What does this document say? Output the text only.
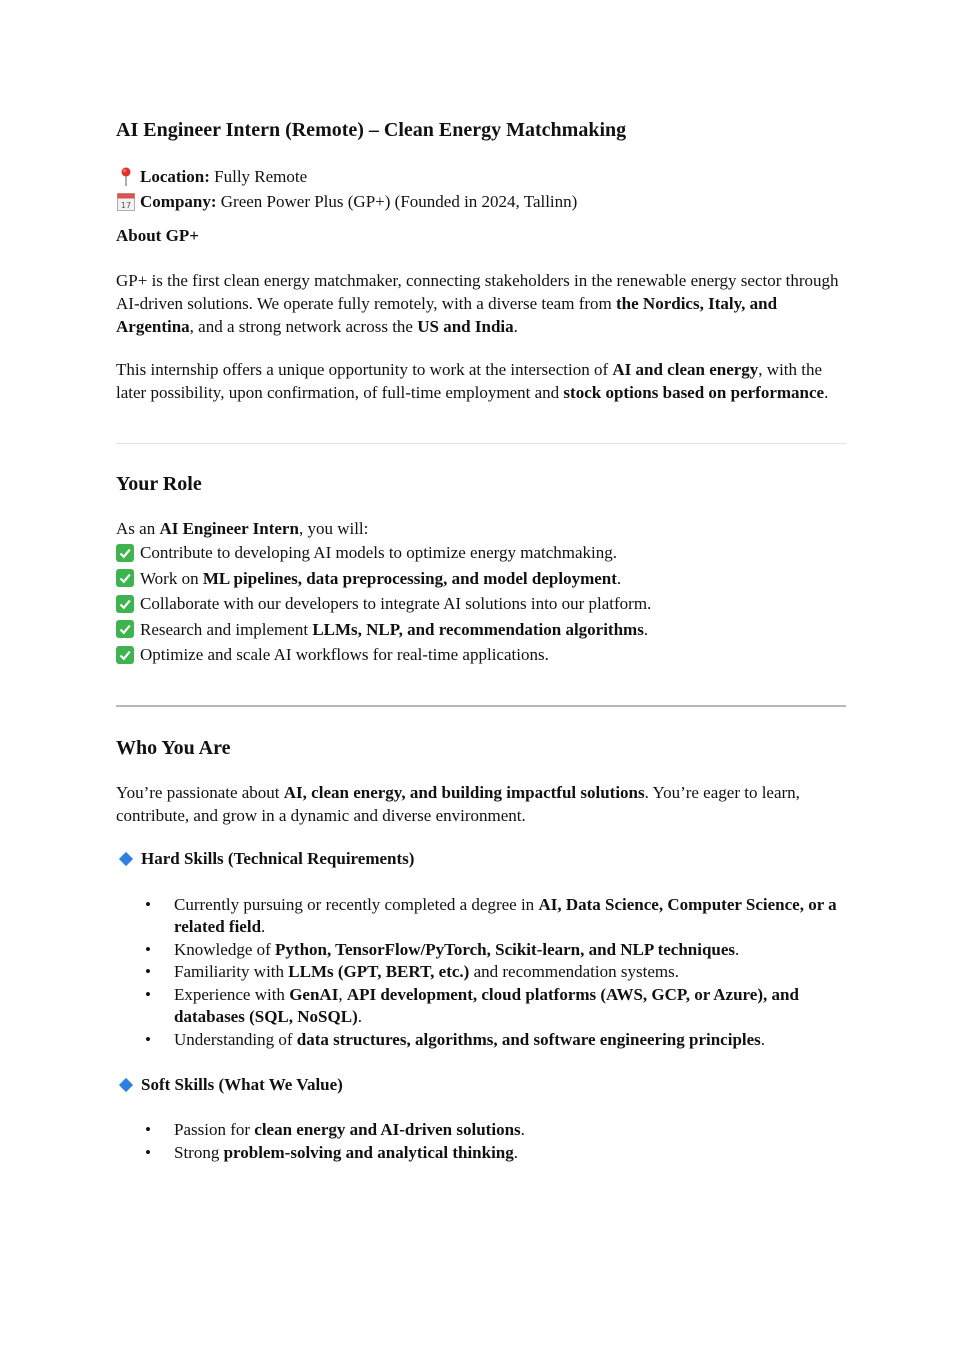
AI Engineer Intern (Remote) – Clean Energy Matchmaking
Location:
Fully Remote
17 Company:
Green Power Plus (GP+) (Founded in 2024, Tallinn)
About GP+

GP+ is the first clean energy matchmaker, connecting stakeholders in the renewable energy sector through AI-driven solutions. We operate fully remotely, with a diverse team from the Nordics, Italy, and Argentina, and a strong network across the US and India.

This internship offers a unique opportunity to work at the intersection of AI and clean energy, with the later possibility, upon confirmation, of full-time employment and stock options based on performance.

Your Role

As an AI Engineer Intern, you will:

Contribute to developing AI models to optimize energy matchmaking.
Work on ML pipelines, data preprocessing, and model deployment.
Collaborate with our developers to integrate AI solutions into our platform.
Research and implement LLMs, NLP, and recommendation algorithms.
Optimize and scale AI workflows for real-time applications.
Who You Are

You’re passionate about AI, clean energy, and building impactful solutions. You’re eager to learn, contribute, and grow in a dynamic and diverse environment.

Hard Skills (Technical Requirements)
• Currently pursuing or recently completed a degree in AI, Data Science, Computer Science, or a related field.
• Knowledge of Python, TensorFlow/PyTorch, Scikit-learn, and NLP techniques.
• Familiarity with LLMs (GPT, BERT, etc.) and recommendation systems.
• Experience with GenAI, API development, cloud platforms (AWS, GCP, or Azure), and databases (SQL, NoSQL).
• Understanding of data structures, algorithms, and software engineering principles.
Soft Skills (What We Value)
• Passion for clean energy and AI-driven solutions.
• Strong problem-solving and analytical thinking.
